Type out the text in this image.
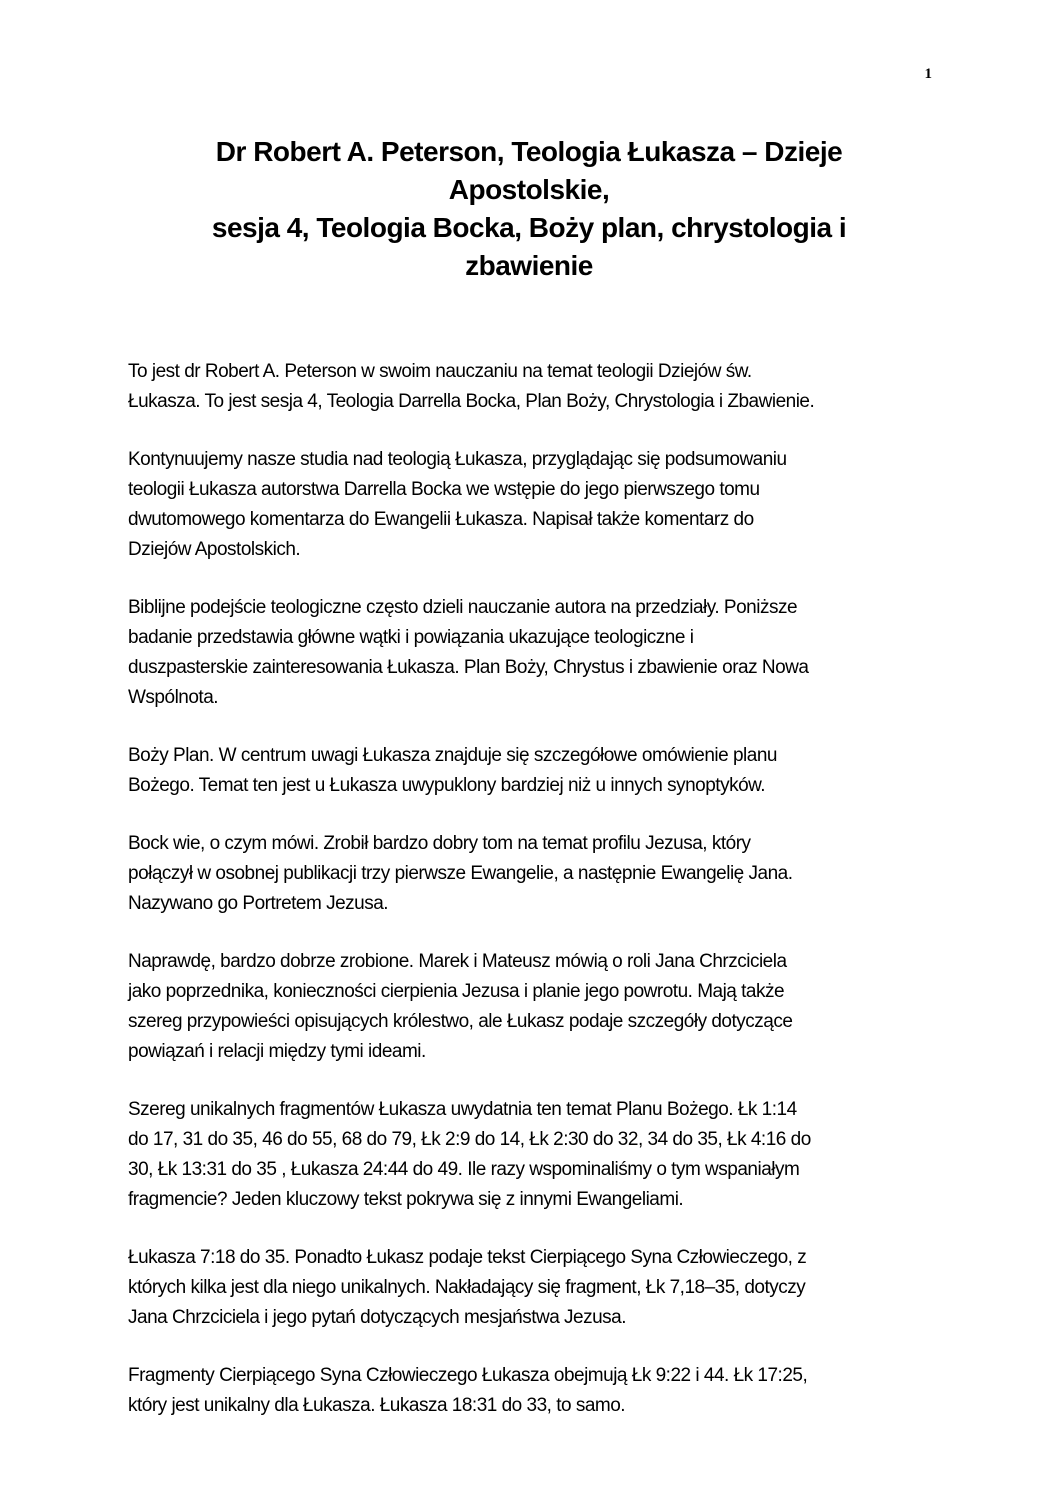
1
Dr Robert A. Peterson, Teologia Łukasza – Dzieje
Apostolskie,
sesja 4, Teologia Bocka, Boży plan, chrystologia i
zbawienie

To jest dr Robert A. Peterson w swoim nauczaniu na temat teologii Dziejów św.
Łukasza. To jest sesja 4, Teologia Darrella Bocka, Plan Boży, Chrystologia i Zbawienie.

Kontynuujemy nasze studia nad teologią Łukasza, przyglądając się podsumowaniu
teologii Łukasza autorstwa Darrella Bocka we wstępie do jego pierwszego tomu
dwutomowego komentarza do Ewangelii Łukasza. Napisał także komentarz do
Dziejów Apostolskich.

Biblijne podejście teologiczne często dzieli nauczanie autora na przedziały. Poniższe
badanie przedstawia główne wątki i powiązania ukazujące teologiczne i
duszpasterskie zainteresowania Łukasza. Plan Boży, Chrystus i zbawienie oraz Nowa
Wspólnota.

Boży Plan. W centrum uwagi Łukasza znajduje się szczegółowe omówienie planu
Bożego. Temat ten jest u Łukasza uwypuklony bardziej niż u innych synoptyków.

Bock wie, o czym mówi. Zrobił bardzo dobry tom na temat profilu Jezusa, który
połączył w osobnej publikacji trzy pierwsze Ewangelie, a następnie Ewangelię Jana.
Nazywano go Portretem Jezusa.

Naprawdę, bardzo dobrze zrobione. Marek i Mateusz mówią o roli Jana Chrzciciela
jako poprzednika, konieczności cierpienia Jezusa i planie jego powrotu. Mają także
szereg przypowieści opisujących królestwo, ale Łukasz podaje szczegóły dotyczące
powiązań i relacji między tymi ideami.

Szereg unikalnych fragmentów Łukasza uwydatnia ten temat Planu Bożego. Łk 1:14
do 17, 31 do 35, 46 do 55, 68 do 79, Łk 2:9 do 14, Łk 2:30 do 32, 34 do 35, Łk 4:16 do
30, Łk 13:31 do 35 , Łukasza 24:44 do 49. Ile razy wspominaliśmy o tym wspaniałym
fragmencie? Jeden kluczowy tekst pokrywa się z innymi Ewangeliami.

Łukasza 7:18 do 35. Ponadto Łukasz podaje tekst Cierpiącego Syna Człowieczego, z
których kilka jest dla niego unikalnych. Nakładający się fragment, Łk 7,18–35, dotyczy
Jana Chrzciciela i jego pytań dotyczących mesjaństwa Jezusa.

Fragmenty Cierpiącego Syna Człowieczego Łukasza obejmują Łk 9:22 i 44. Łk 17:25,
który jest unikalny dla Łukasza. Łukasza 18:31 do 33, to samo.
